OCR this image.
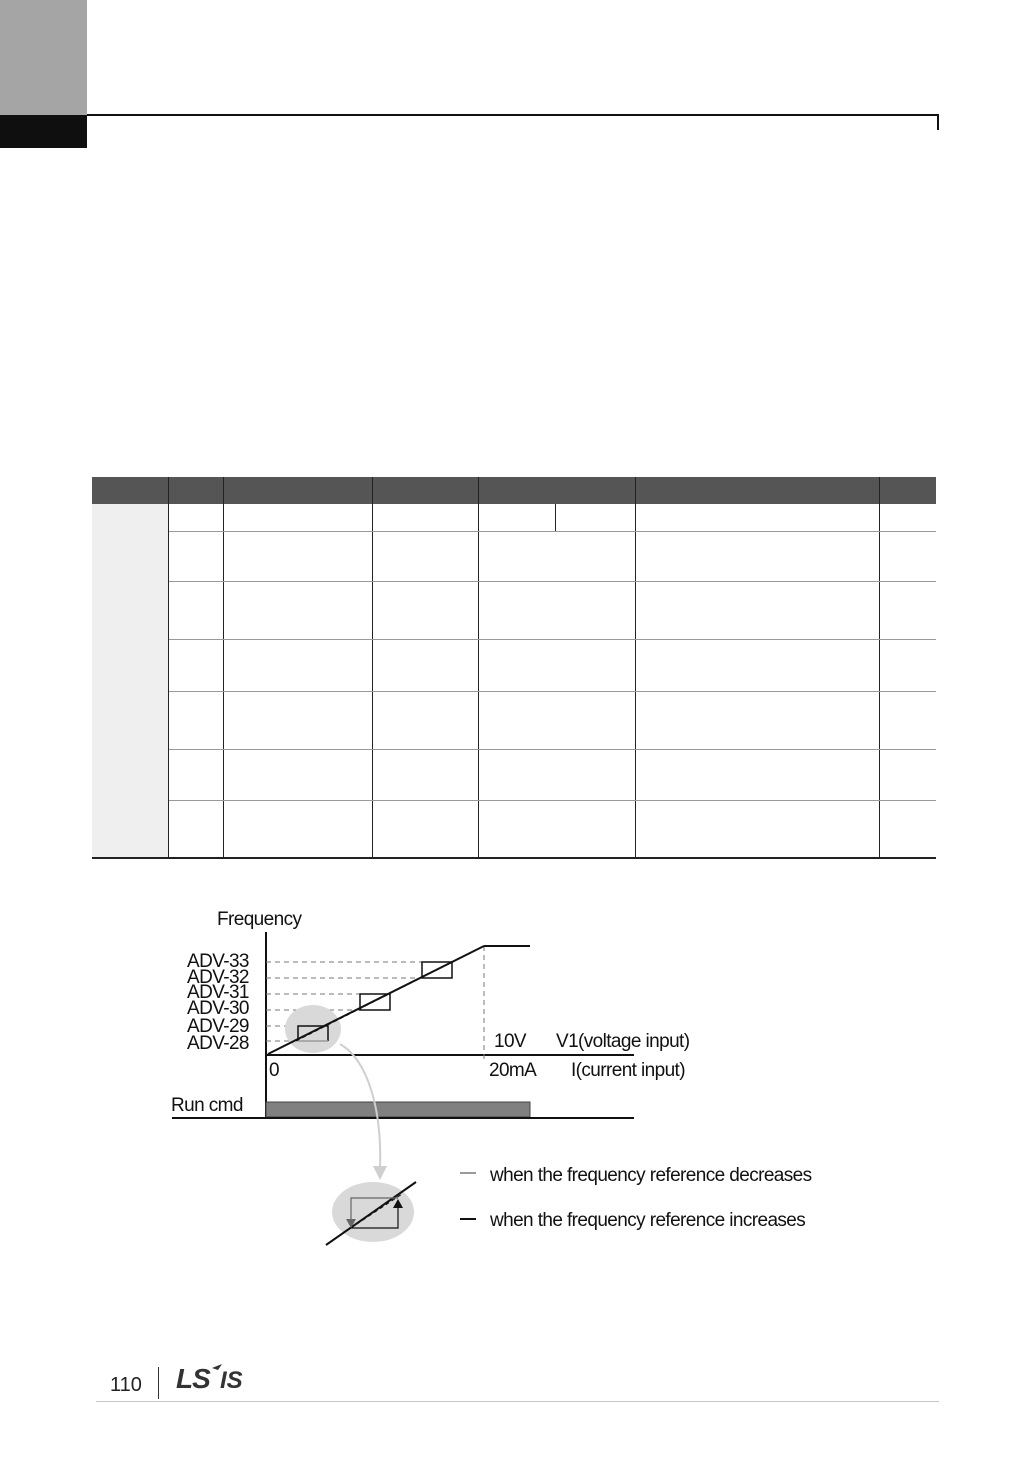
Frequency
ADV-33
ADV-32
ADV-31
ADV-30
ADV-29
ADV-28
0
10V V1(voltage input)
20mA I(current input)
Run cmd
when the frequency reference decreases
when the frequency reference increases
110 LS IS
